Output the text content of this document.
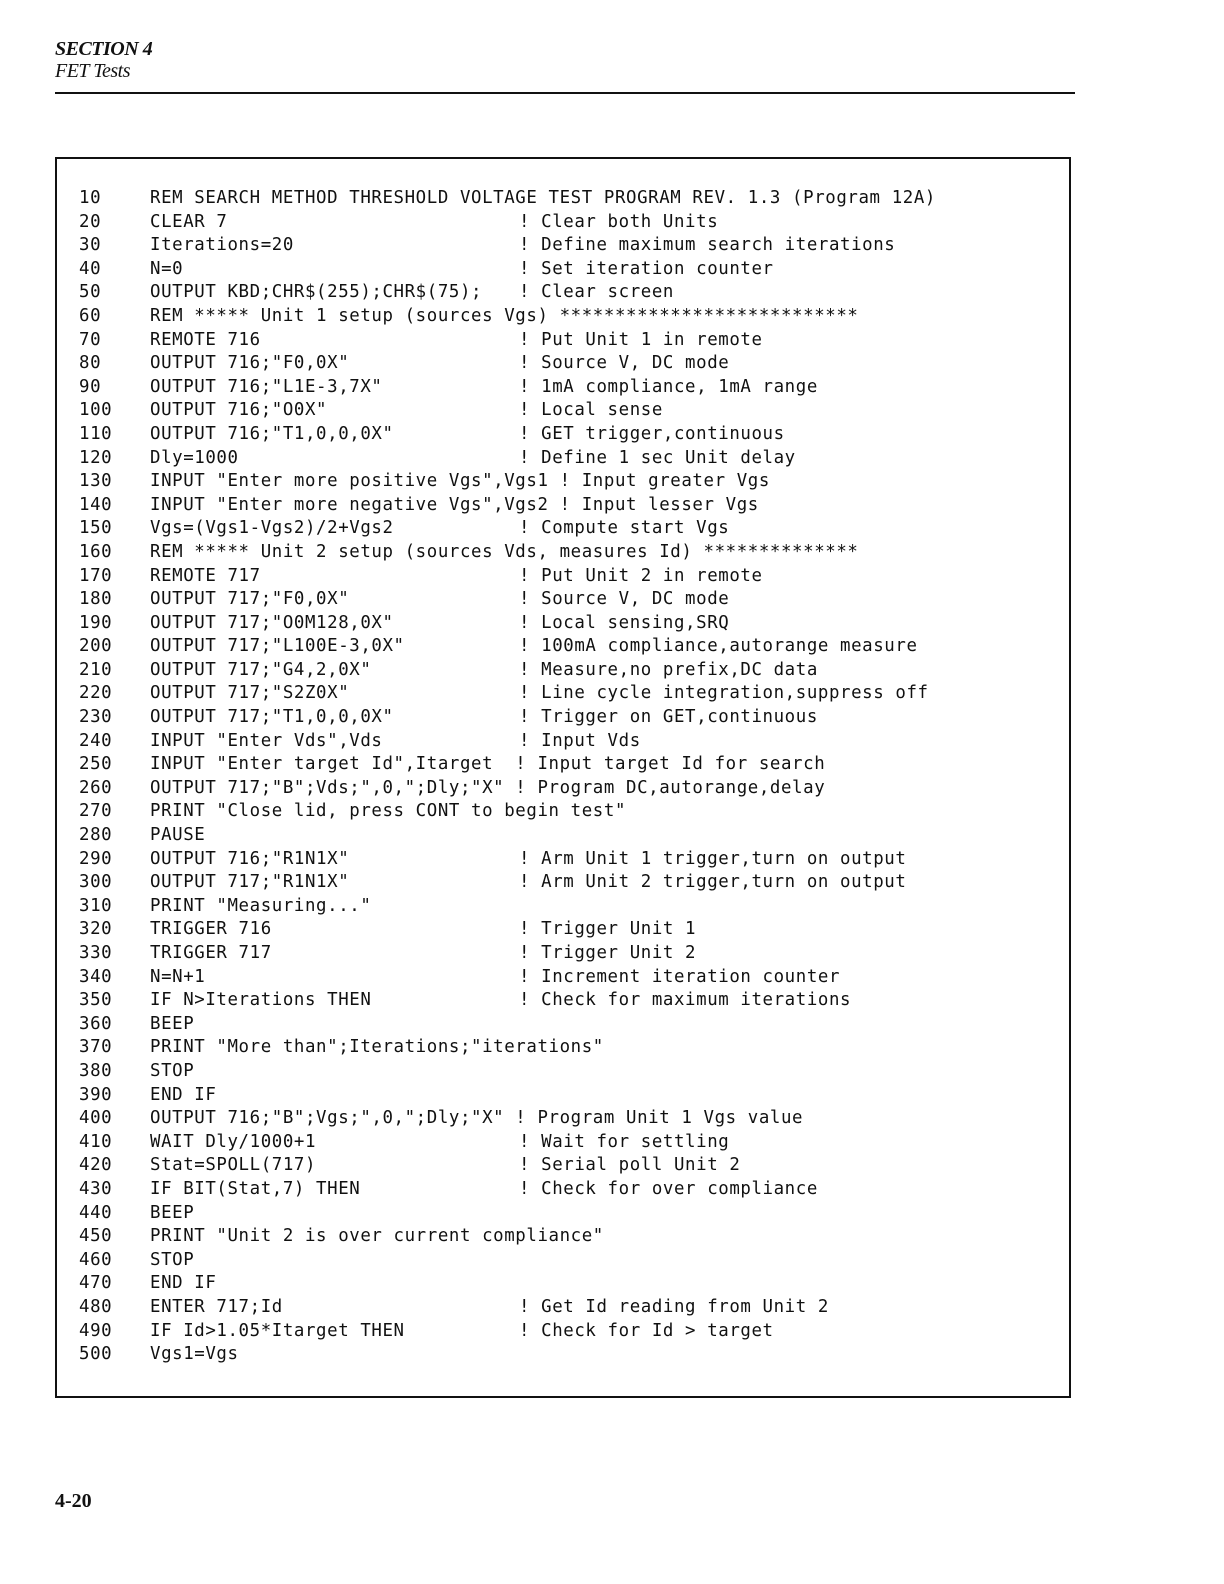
SECTION 4
FET Tests
10	REM SEARCH METHOD THRESHOLD VOLTAGE TEST PROGRAM REV. 1.3 (Program 12A)
20	CLEAR 7	! Clear both Units
30	Iterations=20	! Define maximum search iterations
40	N=0	! Set iteration counter
50	OUTPUT KBD;CHR$(255);CHR$(75); ! Clear screen
60	REM ***** Unit 1 setup (sources Vgs) ***************************
70	REMOTE 716	! Put Unit 1 in remote
80	OUTPUT 716;"F0,0X"	! Source V, DC mode
90	OUTPUT 716;"L1E-3,7X"	! 1mA compliance, 1mA range
100 OUTPUT 716;"O0X"	! Local sense
110 OUTPUT 716;"T1,0,0,0X"	! GET trigger,continuous
120 Dly=1000	! Define 1 sec Unit delay
130 INPUT "Enter more positive Vgs",Vgs1 ! Input greater Vgs
140 INPUT "Enter more negative Vgs",Vgs2 ! Input lesser Vgs
150 Vgs=(Vgs1-Vgs2)/2+Vgs2	! Compute start Vgs
160 REM ***** Unit 2 setup (sources Vds, measures Id) **************
170 REMOTE 717	! Put Unit 2 in remote
180 OUTPUT 717;"F0,0X"	! Source V, DC mode
190 OUTPUT 717;"O0M128,0X"	! Local sensing,SRQ
200 OUTPUT 717;"L100E-3,0X"	! 100mA compliance,autorange measure
210 OUTPUT 717;"G4,2,0X"	! Measure,no prefix,DC data
220 OUTPUT 717;"S2Z0X"	! Line cycle integration,suppress off
230 OUTPUT 717;"T1,0,0,0X"	! Trigger on GET,continuous
240 INPUT "Enter Vds",Vds	! Input Vds
250 INPUT "Enter target Id",Itarget  ! Input target Id for search
260 OUTPUT 717;"B";Vds;",0,";Dly;"X" ! Program DC,autorange,delay
270 PRINT "Close lid, press CONT to begin test"
280 PAUSE
290 OUTPUT 716;"R1N1X"	! Arm Unit 1 trigger,turn on output
300 OUTPUT 717;"R1N1X"	! Arm Unit 2 trigger,turn on output
310 PRINT "Measuring..."
320 TRIGGER 716	! Trigger Unit 1
330 TRIGGER 717	! Trigger Unit 2
340 N=N+1	! Increment iteration counter
350 IF N>Iterations THEN	! Check for maximum iterations
360 BEEP
370 PRINT "More than";Iterations;"iterations"
380 STOP
390 END IF
400 OUTPUT 716;"B";Vgs;",0,";Dly;"X" ! Program Unit 1 Vgs value
410 WAIT Dly/1000+1	! Wait for settling
420 Stat=SPOLL(717)	! Serial poll Unit 2
430 IF BIT(Stat,7) THEN	! Check for over compliance
440 BEEP
450 PRINT "Unit 2 is over current compliance"
460 STOP
470 END IF
480 ENTER 717;Id	! Get Id reading from Unit 2
490 IF Id>1.05*Itarget THEN	! Check for Id > target
500 Vgs1=Vgs
4-20
